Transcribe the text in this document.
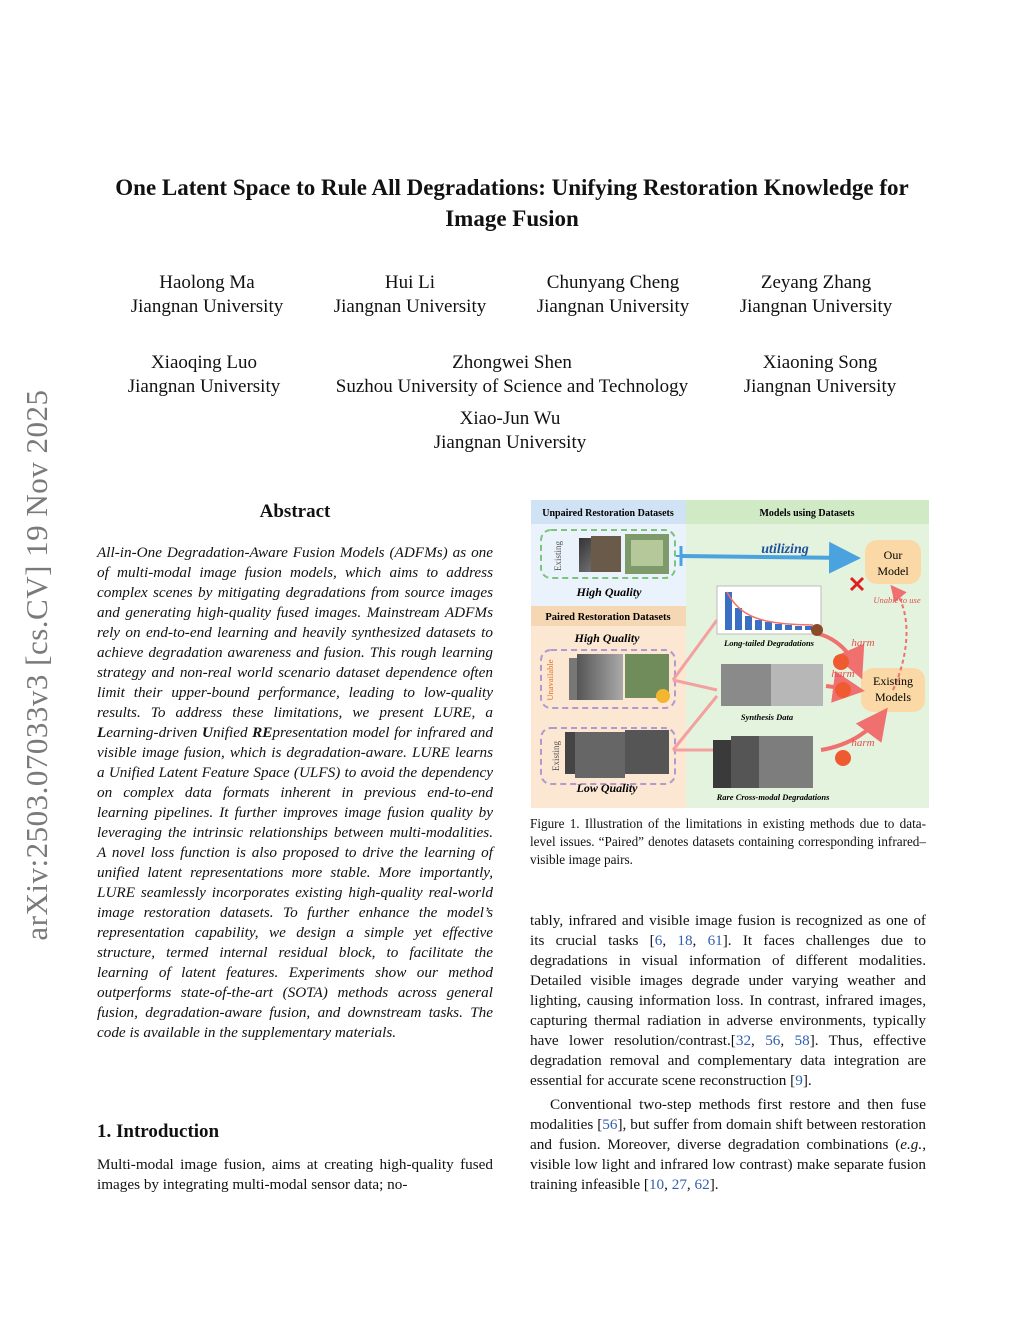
arXiv:2503.07033v3 [cs.CV] 19 Nov 2025
One Latent Space to Rule All Degradations: Unifying Restoration Knowledge for Image Fusion
Haolong Ma
Jiangnan University
Hui Li
Jiangnan University
Chunyang Cheng
Jiangnan University
Zeyang Zhang
Jiangnan University
Xiaoqing Luo
Jiangnan University
Zhongwei Shen
Suzhou University of Science and Technology
Xiaoning Song
Jiangnan University
Xiao-Jun Wu
Jiangnan University
Abstract
All-in-One Degradation-Aware Fusion Models (ADFMs) as one of multi-modal image fusion models, which aims to address complex scenes by mitigating degradations from source images and generating high-quality fused images. Mainstream ADFMs rely on end-to-end learning and heavily synthesized datasets to achieve degradation awareness and fusion. This rough learning strategy and non-real world scenario dataset dependence often limit their upper-bound performance, leading to low-quality results. To address these limitations, we present LURE, a Learning-driven Unified REpresentation model for infrared and visible image fusion, which is degradation-aware. LURE learns a Unified Latent Feature Space (ULFS) to avoid the dependency on complex data formats inherent in previous end-to-end learning pipelines. It further improves image fusion quality by leveraging the intrinsic relationships between multi-modalities. A novel loss function is also proposed to drive the learning of unified latent representations more stable. More importantly, LURE seamlessly incorporates existing high-quality real-world image restoration datasets. To further enhance the model’s representation capability, we design a simple yet effective structure, termed internal residual block, to facilitate the learning of latent features. Experiments show our method outperforms state-of-the-art (SOTA) methods across general fusion, degradation-aware fusion, and downstream tasks. The code is available in the supplementary materials.
1. Introduction
Multi-modal image fusion, aims at creating high-quality fused images by integrating multi-modal sensor data; no-
Unpaired Restoration Datasets	Models using Datasets
Existing
High Quality
Paired Restoration Datasets
High Quality
Unavailable
Existing
Low Quality
utilizing	Our
Model
Unable to use
Long-tailed Degradations	harm
harm
Synthesis Data
Existing
Models
harm
Rare Cross-modal Degradations
Figure 1. Illustration of the limitations in existing methods due to data-level issues. “Paired” denotes datasets containing corresponding infrared–visible image pairs.
tably, infrared and visible image fusion is recognized as one of its crucial tasks [6, 18, 61]. It faces challenges due to degradations in visual information of different modalities. Detailed visible images degrade under varying weather and lighting, causing information loss. In contrast, infrared images, capturing thermal radiation in adverse environments, typically have lower resolution/contrast.[32, 56, 58]. Thus, effective degradation removal and complementary data integration are essential for accurate scene reconstruction [9].
Conventional two-step methods first restore and then fuse modalities [56], but suffer from domain shift between restoration and fusion. Moreover, diverse degradation combinations (e.g., visible low light and infrared low contrast) make separate fusion training infeasible [10, 27, 62].
